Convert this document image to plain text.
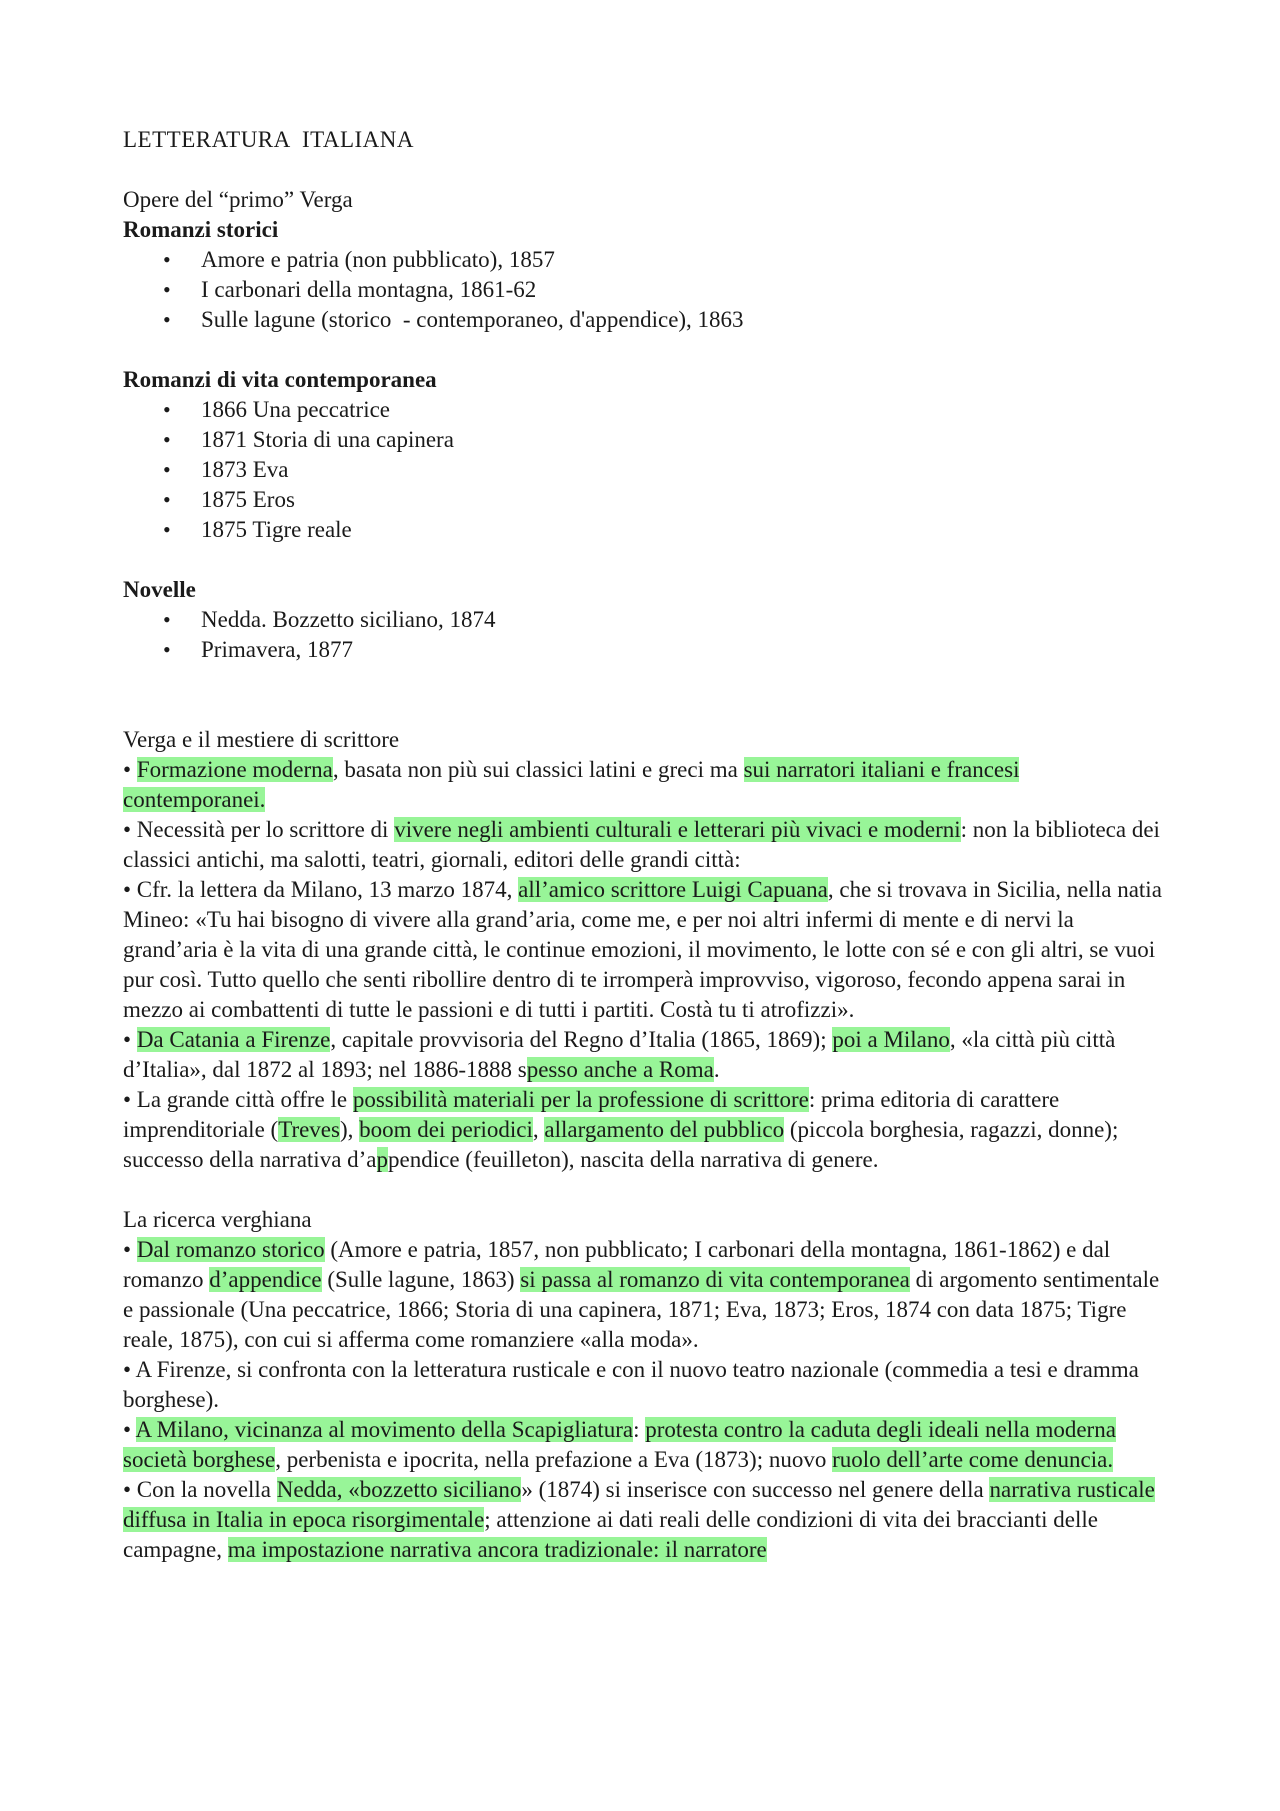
LETTERATURA  ITALIANA
Opere del “primo” Verga
Romanzi storici
• Amore e patria (non pubblicato), 1857
• I carbonari della montagna, 1861-62
• Sulle lagune (storico  - contemporaneo, d'appendice), 1863
Romanzi di vita contemporanea
• 1866 Una peccatrice
• 1871 Storia di una capinera
• 1873 Eva
• 1875 Eros
• 1875 Tigre reale
Novelle
• Nedda. Bozzetto siciliano, 1874
• Primavera, 1877
Verga e il mestiere di scrittore

• Formazione moderna, basata non più sui classici latini e greci ma sui narratori italiani e francesi contemporanei.

• Necessità per lo scrittore di vivere negli ambienti culturali e letterari più vivaci e moderni: non la biblioteca dei classici antichi, ma salotti, teatri, giornali, editori delle grandi città:

• Cfr. la lettera da Milano, 13 marzo 1874, all’amico scrittore Luigi Capuana, che si trovava in Sicilia, nella natia Mineo: «Tu hai bisogno di vivere alla grand’aria, come me, e per noi altri infermi di mente e di nervi la grand’aria è la vita di una grande città, le continue emozioni, il movimento, le lotte con sé e con gli altri, se vuoi pur così. Tutto quello che senti ribollire dentro di te irromperà improvviso, vigoroso, fecondo appena sarai in mezzo ai combattenti di tutte le passioni e di tutti i partiti. Costà tu ti atrofizzi».

• Da Catania a Firenze, capitale provvisoria del Regno d’Italia (1865, 1869); poi a Milano, «la città più città d’Italia», dal 1872 al 1893; nel 1886-1888 spesso anche a Roma.

• La grande città offre le possibilità materiali per la professione di scrittore: prima editoria di carattere imprenditoriale (Treves), boom dei periodici, allargamento del pubblico (piccola borghesia, ragazzi, donne); successo della narrativa d’appendice (feuilleton), nascita della narrativa di genere.

La ricerca verghiana

• Dal romanzo storico (Amore e patria, 1857, non pubblicato; I carbonari della montagna, 1861-1862) e dal romanzo d’appendice (Sulle lagune, 1863) si passa al romanzo di vita contemporanea di argomento sentimentale e passionale (Una peccatrice, 1866; Storia di una capinera, 1871; Eva, 1873; Eros, 1874 con data 1875; Tigre reale, 1875), con cui si afferma come romanziere «alla moda».

• A Firenze, si confronta con la letteratura rusticale e con il nuovo teatro nazionale (commedia a tesi e dramma borghese).

• A Milano, vicinanza al movimento della Scapigliatura: protesta contro la caduta degli ideali nella moderna società borghese, perbenista e ipocrita, nella prefazione a Eva (1873); nuovo ruolo dell’arte come denuncia.

• Con la novella Nedda, «bozzetto siciliano» (1874) si inserisce con successo nel genere della narrativa rusticale diffusa in Italia in epoca risorgimentale; attenzione ai dati reali delle condizioni di vita dei braccianti delle campagne, ma impostazione narrativa ancora tradizionale: il narratore
